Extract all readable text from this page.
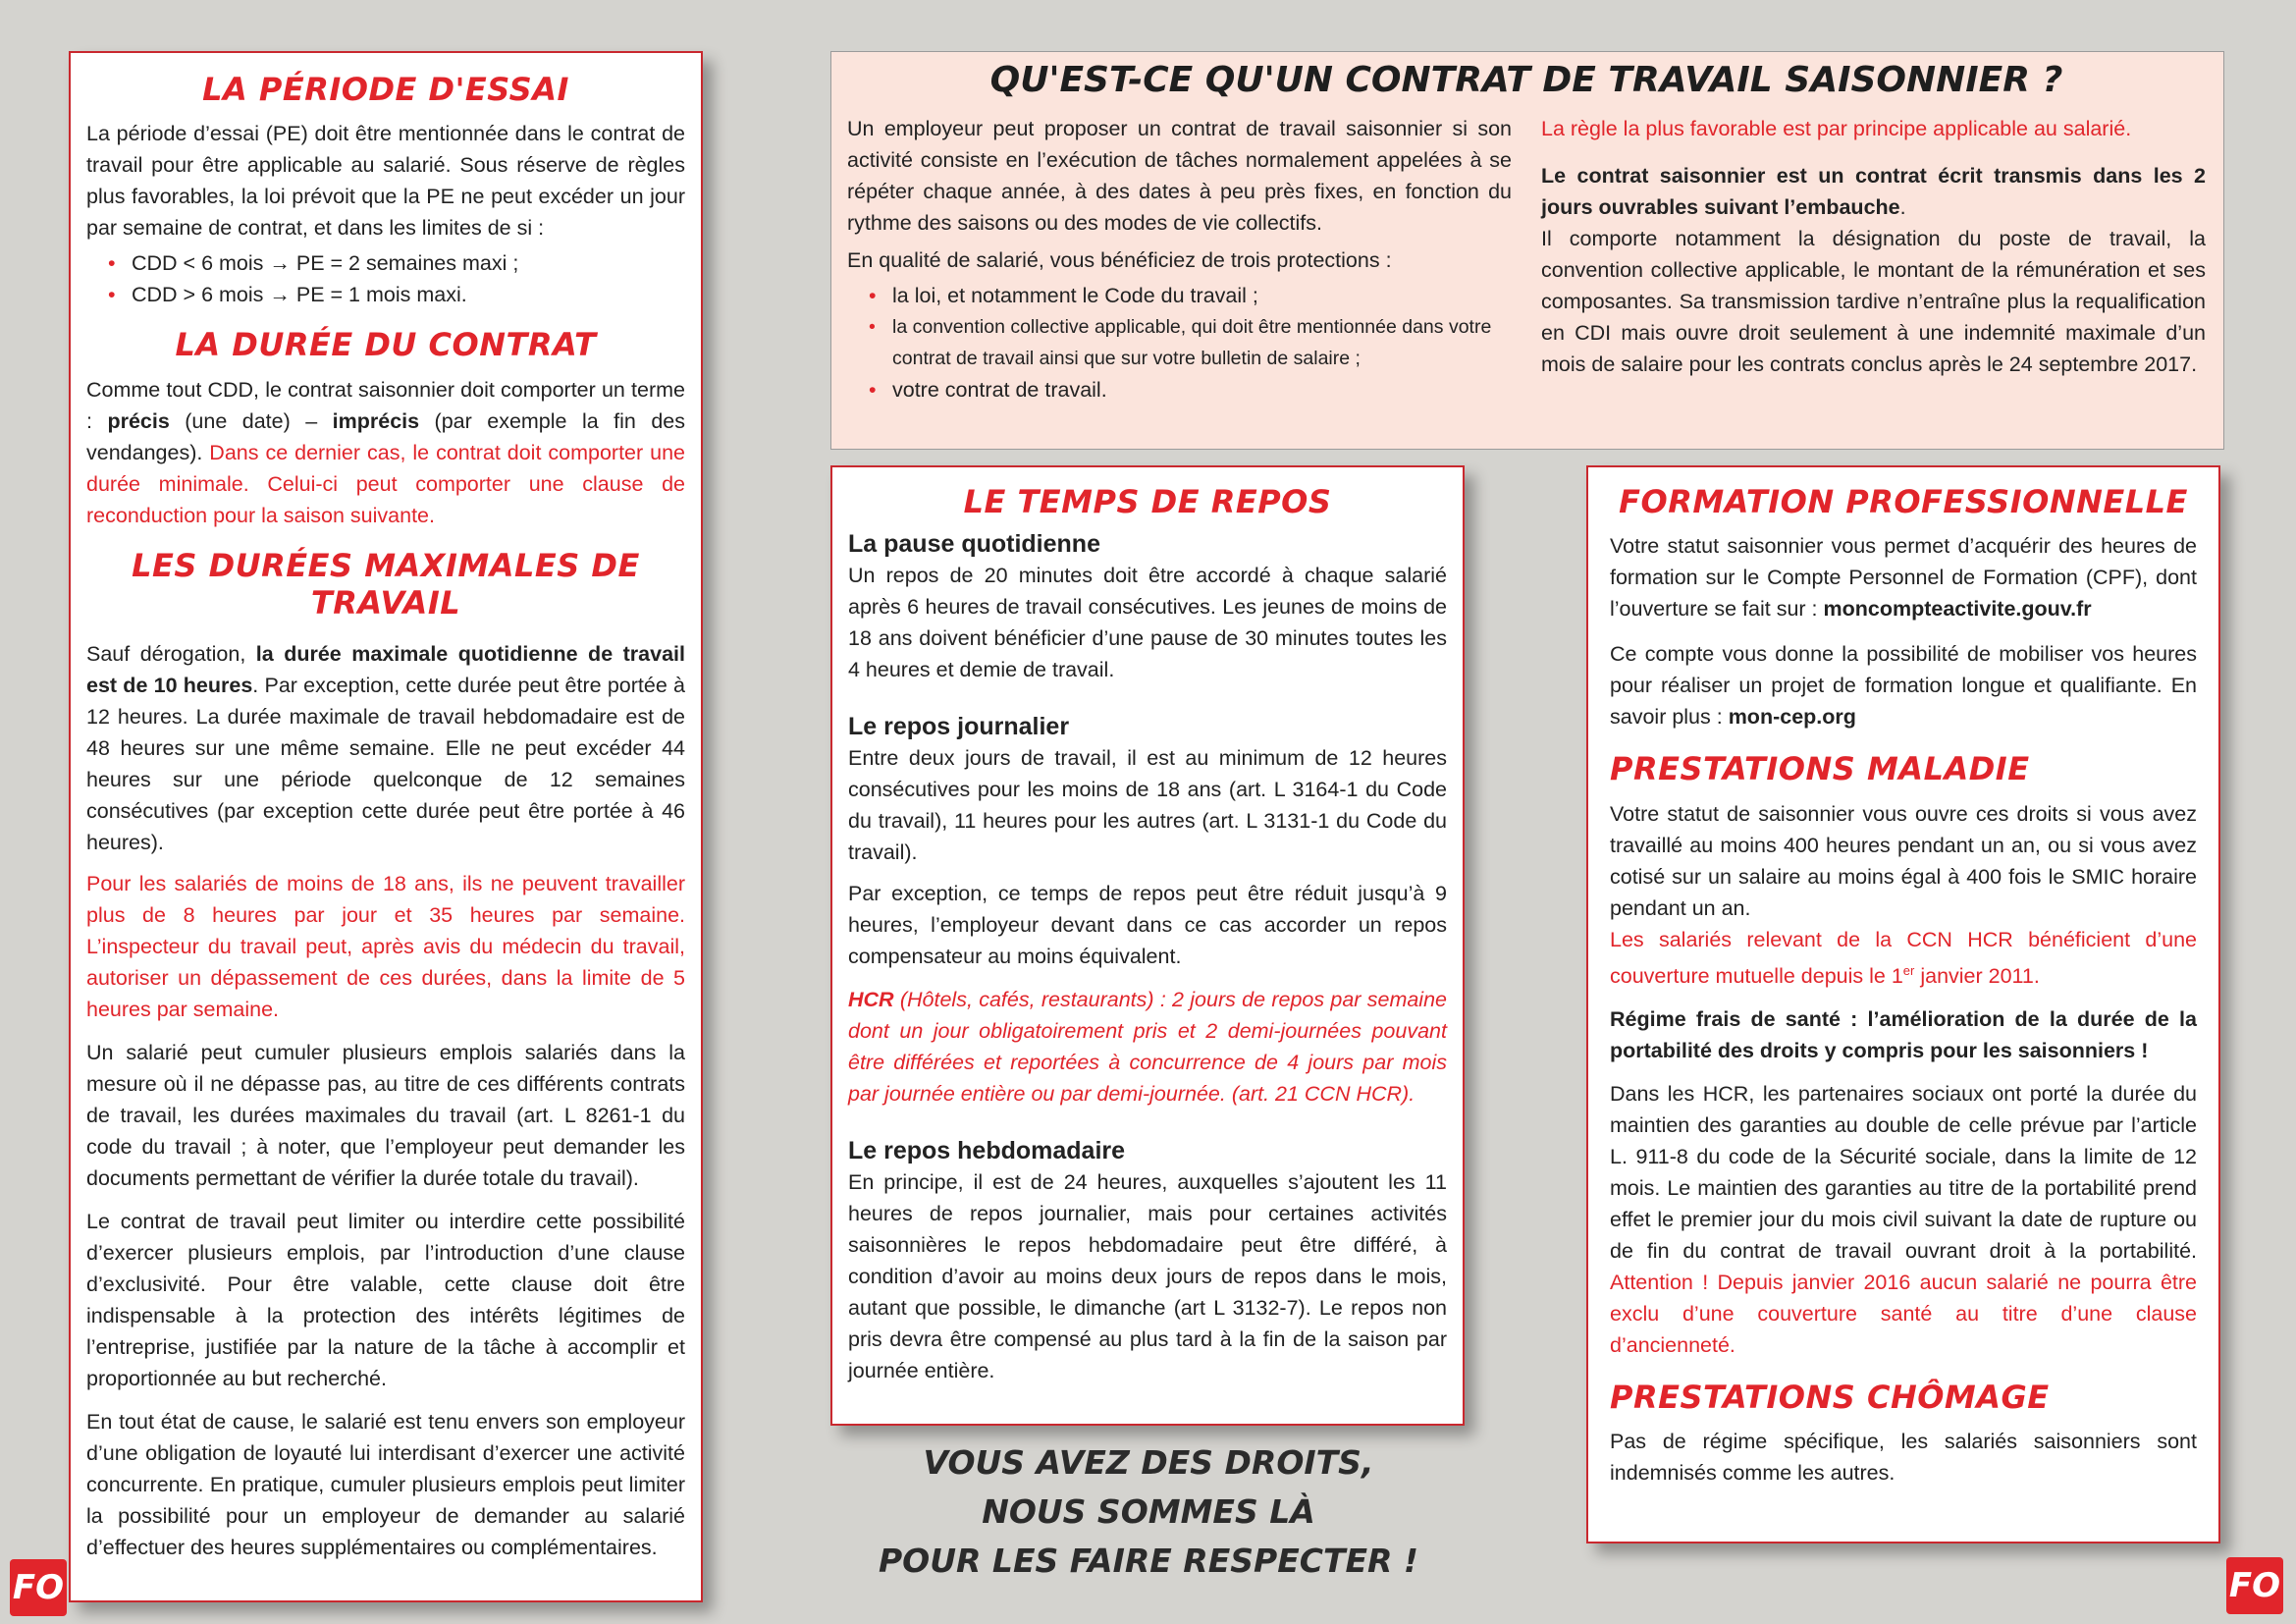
LA PÉRIODE D'ESSAI

La période d’essai (PE) doit être mentionnée dans le contrat de travail pour être applicable au salarié. Sous réserve de règles plus favorables, la loi prévoit que la PE ne peut excéder un jour par semaine de contrat, et dans les limites de si :

• CDD < 6 mois → PE = 2 semaines maxi ;
• CDD > 6 mois → PE = 1 mois maxi.
LA DURÉE DU CONTRAT

Comme tout CDD, le contrat saisonnier doit comporter un terme : précis (une date) – imprécis (par exemple la fin des vendanges). Dans ce dernier cas, le contrat doit comporter une durée minimale. Celui-ci peut comporter une clause de reconduction pour la saison suivante.

LES DURÉES MAXIMALES DE TRAVAIL

Sauf dérogation, la durée maximale quotidienne de travail est de 10 heures. Par exception, cette durée peut être portée à 12 heures. La durée maximale de travail hebdomadaire est de 48 heures sur une même semaine. Elle ne peut excéder 44 heures sur une période quelconque de 12 semaines consécutives (par exception cette durée peut être portée à 46 heures).

Pour les salariés de moins de 18 ans, ils ne peuvent travailler plus de 8 heures par jour et 35 heures par semaine. L’inspecteur du travail peut, après avis du médecin du travail, autoriser un dépassement de ces durées, dans la limite de 5 heures par semaine.

Un salarié peut cumuler plusieurs emplois salariés dans la mesure où il ne dépasse pas, au titre de ces différents contrats de travail, les durées maximales du travail (art. L 8261-1 du code du travail ; à noter, que l’employeur peut demander les documents permettant de vérifier la durée totale du travail).

Le contrat de travail peut limiter ou interdire cette possibilité d’exercer plusieurs emplois, par l’introduction d’une clause d’exclusivité. Pour être valable, cette clause doit être indispensable à la protection des intérêts légitimes de l’entreprise, justifiée par la nature de la tâche à accomplir et proportionnée au but recherché.

En tout état de cause, le salarié est tenu envers son employeur d’une obligation de loyauté lui interdisant d’exercer une activité concurrente. En pratique, cumuler plusieurs emplois peut limiter la possibilité pour un employeur de demander au salarié d’effectuer des heures supplémentaires ou complémentaires.

QU'EST-CE QU'UN CONTRAT DE TRAVAIL SAISONNIER ?

Un employeur peut proposer un contrat de travail saisonnier si son activité consiste en l’exécution de tâches normalement appelées à se répéter chaque année, à des dates à peu près fixes, en fonction du rythme des saisons ou des modes de vie collectifs.

En qualité de salarié, vous bénéficiez de trois protections :

• la loi, et notamment le Code du travail ;
• la convention collective applicable, qui doit être mentionnée dans votre contrat de travail ainsi que sur votre bulletin de salaire ;
• votre contrat de travail.

La règle la plus favorable est par principe applicable au salarié.

Le contrat saisonnier est un contrat écrit transmis dans les 2 jours ouvrables suivant l’embauche.

Il comporte notamment la désignation du poste de travail, la convention collective applicable, le montant de la rémunération et ses composantes. Sa transmission tardive n’entraîne plus la requalification en CDI mais ouvre droit seulement à une indemnité maximale d’un mois de salaire pour les contrats conclus après le 24 septembre 2017.

LE TEMPS DE REPOS
La pause quotidienne

Un repos de 20 minutes doit être accordé à chaque salarié après 6 heures de travail consécutives. Les jeunes de moins de 18 ans doivent bénéficier d’une pause de 30 minutes toutes les 4 heures et demie de travail.

Le repos journalier

Entre deux jours de travail, il est au minimum de 12 heures consécutives pour les moins de 18 ans (art. L 3164-1 du Code du travail), 11 heures pour les autres (art. L 3131-1 du Code du travail).

Par exception, ce temps de repos peut être réduit jusqu’à 9 heures, l’employeur devant dans ce cas accorder un repos compensateur au moins équivalent.

HCR (Hôtels, cafés, restaurants) : 2 jours de repos par semaine dont un jour obligatoirement pris et 2 demi-journées pouvant être différées et reportées à concurrence de 4 jours par mois par journée entière ou par demi-journée. (art. 21 CCN HCR).

Le repos hebdomadaire

En principe, il est de 24 heures, auxquelles s’ajoutent les 11 heures de repos journalier, mais pour certaines activités saisonnières le repos hebdomadaire peut être différé, à condition d’avoir au moins deux jours de repos dans le mois, autant que possible, le dimanche (art L 3132-7). Le repos non pris devra être compensé au plus tard à la fin de la saison par journée entière.

VOUS AVEZ DES DROITS,
NOUS SOMMES LÀ
POUR LES FAIRE RESPECTER !
FORMATION PROFESSIONNELLE

Votre statut saisonnier vous permet d’acquérir des heures de formation sur le Compte Personnel de Formation (CPF), dont l’ouverture se fait sur : moncompteactivite.gouv.fr

Ce compte vous donne la possibilité de mobiliser vos heures pour réaliser un projet de formation longue et qualifiante. En savoir plus : mon-cep.org

PRESTATIONS MALADIE

Votre statut de saisonnier vous ouvre ces droits si vous avez travaillé au moins 400 heures pendant un an, ou si vous avez cotisé sur un salaire au moins égal à 400 fois le SMIC horaire pendant un an.

Les salariés relevant de la CCN HCR bénéficient d’une couverture mutuelle depuis le 1er janvier 2011.

Régime frais de santé : l’amélioration de la durée de la portabilité des droits y compris pour les saisonniers !

Dans les HCR, les partenaires sociaux ont porté la durée du maintien des garanties au double de celle prévue par l’article L. 911-8 du code de la Sécurité sociale, dans la limite de 12 mois. Le maintien des garanties au titre de la portabilité prend effet le premier jour du mois civil suivant la date de rupture ou de fin du contrat de travail ouvrant droit à la portabilité. Attention ! Depuis janvier 2016 aucun salarié ne pourra être exclu d’une couverture santé au titre d’une clause d’ancienneté.

PRESTATIONS CHÔMAGE

Pas de régime spécifique, les salariés saisonniers sont indemnisés comme les autres.

FO	FO
